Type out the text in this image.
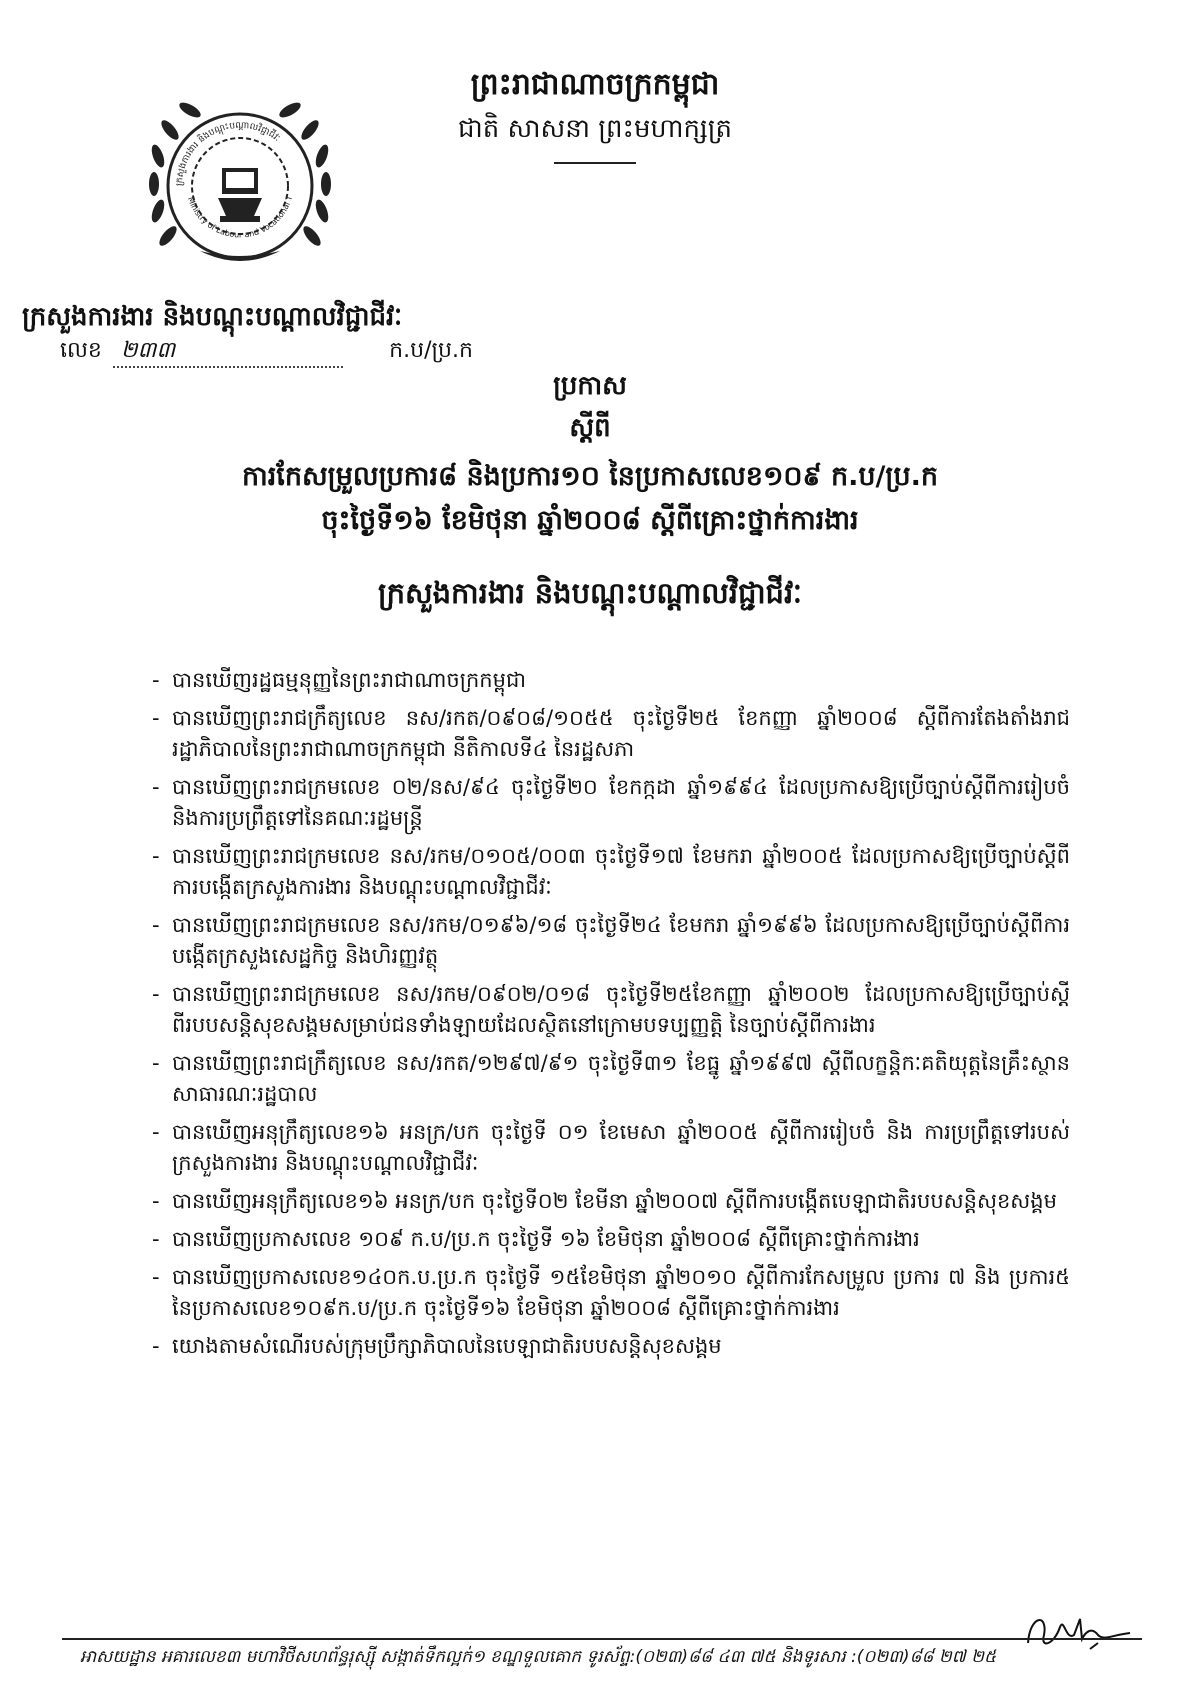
ព្រះរាជាណាចក្រកម្ពុជា
ជាតិ សាសនា ព្រះមហាក្សត្រ
ក្រសួងការងារ និងបណ្តុះបណ្តាលវិជ្ជាជីវៈ
Ministry of Labour and Vocational T
ក្រសួងការងារ និងបណ្តុះបណ្តាលវិជ្ជាជីវៈ
លេខ ២៣៣	ក.ប/ប្រ.ក
ប្រកាស
ស្តីពី
ការកែសម្រួលប្រការ៨ និងប្រការ១០ នៃប្រកាសលេខ១០៩ ក.ប/ប្រ.ក
ចុះថ្ងៃទី១៦ ខែមិថុនា ឆ្នាំ២០០៨ ស្តីពីគ្រោះថ្នាក់ការងារ
ក្រសួងការងារ និងបណ្តុះបណ្តាលវិជ្ជាជីវៈ
- បានឃើញរដ្ឋធម្មនុញ្ញនៃព្រះរាជាណាចក្រកម្ពុជា
- បានឃើញព្រះរាជក្រឹត្យលេខ នស/រកត/០៩០៨/១០៥៥ ចុះថ្ងៃទី២៥ ខែកញ្ញា ឆ្នាំ២០០៨ ស្តីពីការតែងតាំងរាជរដ្ឋាភិបាលនៃព្រះរាជាណាចក្រកម្ពុជា នីតិកាលទី៤ នៃរដ្ឋសភា
- បានឃើញព្រះរាជក្រមលេខ ០២/នស/៩៤ ចុះថ្ងៃទី២០ ខែកក្កដា ឆ្នាំ១៩៩៤ ដែលប្រកាសឱ្យប្រើច្បាប់ស្តីពីការរៀបចំ និងការប្រព្រឹត្តទៅនៃគណៈរដ្ឋមន្ត្រី
- បានឃើញព្រះរាជក្រមលេខ នស/រកម/០១០៥/០០៣ ចុះថ្ងៃទី១៧ ខែមករា ឆ្នាំ២០០៥ ដែលប្រកាសឱ្យប្រើច្បាប់ស្តីពីការបង្កើតក្រសួងការងារ និងបណ្តុះបណ្តាលវិជ្ជាជីវៈ
- បានឃើញព្រះរាជក្រមលេខ នស/រកម/០១៩៦/១៨ ចុះថ្ងៃទី២៤ ខែមករា ឆ្នាំ១៩៩៦ ដែលប្រកាសឱ្យប្រើច្បាប់ស្តីពីការបង្កើតក្រសួងសេដ្ឋកិច្ច និងហិរញ្ញវត្ថុ
- បានឃើញព្រះរាជក្រមលេខ នស/រកម/០៩០២/០១៨ ចុះថ្ងៃទី២៥ខែកញ្ញា ឆ្នាំ២០០២ ដែលប្រកាសឱ្យប្រើច្បាប់ស្តីពីរបបសន្តិសុខសង្គមសម្រាប់ជនទាំងឡាយដែលស្ថិតនៅក្រោមបទប្បញ្ញត្តិ នៃច្បាប់ស្តីពីការងារ
- បានឃើញព្រះរាជក្រឹត្យលេខ នស/រកត/១២៩៧/៩១ ចុះថ្ងៃទី៣១ ខែធ្នូ ឆ្នាំ១៩៩៧ ស្តីពីលក្ខន្តិកៈគតិយុត្តនៃគ្រឹះស្ថានសាធារណៈរដ្ឋបាល
- បានឃើញអនុក្រឹត្យលេខ១៦ អនក្រ/បក ចុះថ្ងៃទី ០១ ខែមេសា ឆ្នាំ២០០៥ ស្តីពីការរៀបចំ និង ការប្រព្រឹត្តទៅរបស់ក្រសួងការងារ និងបណ្តុះបណ្តាលវិជ្ជាជីវៈ
- បានឃើញអនុក្រឹត្យលេខ១៦ អនក្រ/បក ចុះថ្ងៃទី០២ ខែមីនា ឆ្នាំ២០០៧ ស្តីពីការបង្កើតបេឡាជាតិរបបសន្តិសុខសង្គម
- បានឃើញប្រកាសលេខ ១០៩ ក.ប/ប្រ.ក ចុះថ្ងៃទី ១៦ ខែមិថុនា ឆ្នាំ២០០៨ ស្តីពីគ្រោះថ្នាក់ការងារ
- បានឃើញប្រកាសលេខ១៤០ក.ប.ប្រ.ក ចុះថ្ងៃទី ១៥ខែមិថុនា ឆ្នាំ២០១០ ស្តីពីការកែសម្រួល ប្រការ ៧ និង ប្រការ៥ នៃប្រកាសលេខ១០៩ក.ប/ប្រ.ក ចុះថ្ងៃទី១៦ ខែមិថុនា ឆ្នាំ២០០៨ ស្តីពីគ្រោះថ្នាក់ការងារ
- យោងតាមសំណើរបស់ក្រុមប្រឹក្សាភិបាលនៃបេឡាជាតិរបបសន្តិសុខសង្គម
អាសយដ្ឋាន អគារលេខ៣ មហាវិថីសហព័ន្ធរុស្ស៊ី សង្កាត់ទឹកល្អក់១ ខណ្ឌទួលគោក ទូរស័ព្ទ:(០២៣)៨៨ ៤៣ ៧៥ និងទូរសារ :(០២៣)៨៨ ២៧ ២៥
